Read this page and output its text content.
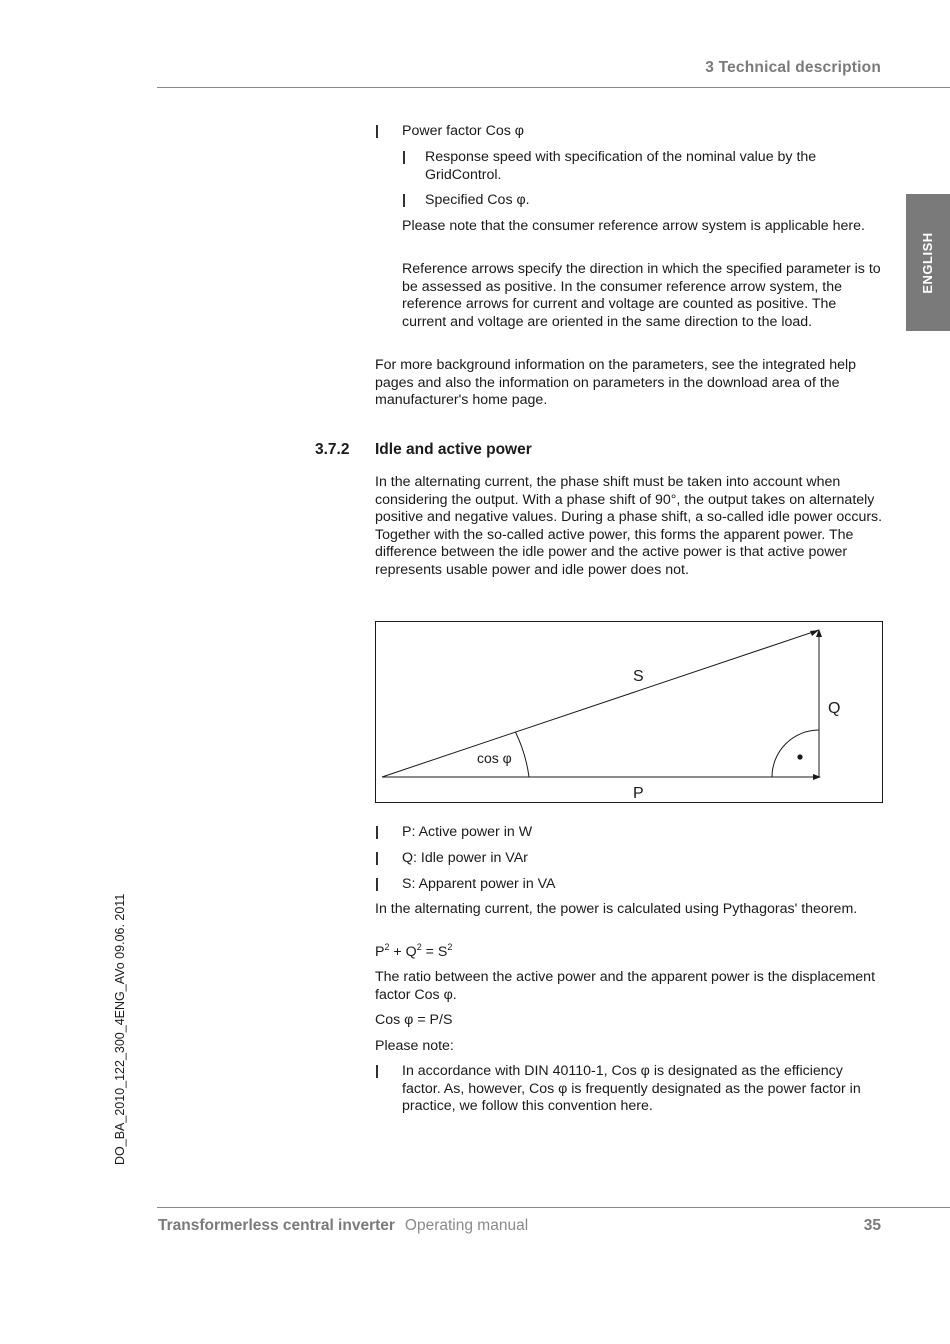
3 Technical description
ENGLISH
DO_BA_2010_122_300_4ENG_AVo 09.06. 2011
| Power factor Cos φ
| Response speed with specification of the nominal value by the GridControl.
| Specified Cos φ.
Please note that the consumer reference arrow system is applicable here.
Reference arrows specify the direction in which the specified parameter is to be assessed as positive. In the consumer reference arrow system, the reference arrows for current and voltage are counted as positive. The current and voltage are oriented in the same direction to the load.
For more background information on the parameters, see the integrated help pages and also the information on parameters in the download area of the manufacturer's home page.
3.7.2 Idle and active power
In the alternating current, the phase shift must be taken into account when considering the output. With a phase shift of 90°, the output takes on alternately positive and negative values. During a phase shift, a so-called idle power occurs. Together with the so-called active power, this forms the apparent power. The difference between the idle power and the active power is that active power represents usable power and idle power does not.
S
Q
P
cos φ
| P: Active power in W
| Q: Idle power in VAr
| S: Apparent power in VA
In the alternating current, the power is calculated using Pythagoras' theorem.
$P^2 + Q^2 = S^2$
The ratio between the active power and the apparent power is the displacement factor Cos φ.
Cos φ = P/S
Please note:
| In accordance with DIN 40110-1, Cos φ is designated as the efficiency factor. As, however, Cos φ is frequently designated as the power factor in practice, we follow this convention here.
Transformerless central inverter Operating manual	35
